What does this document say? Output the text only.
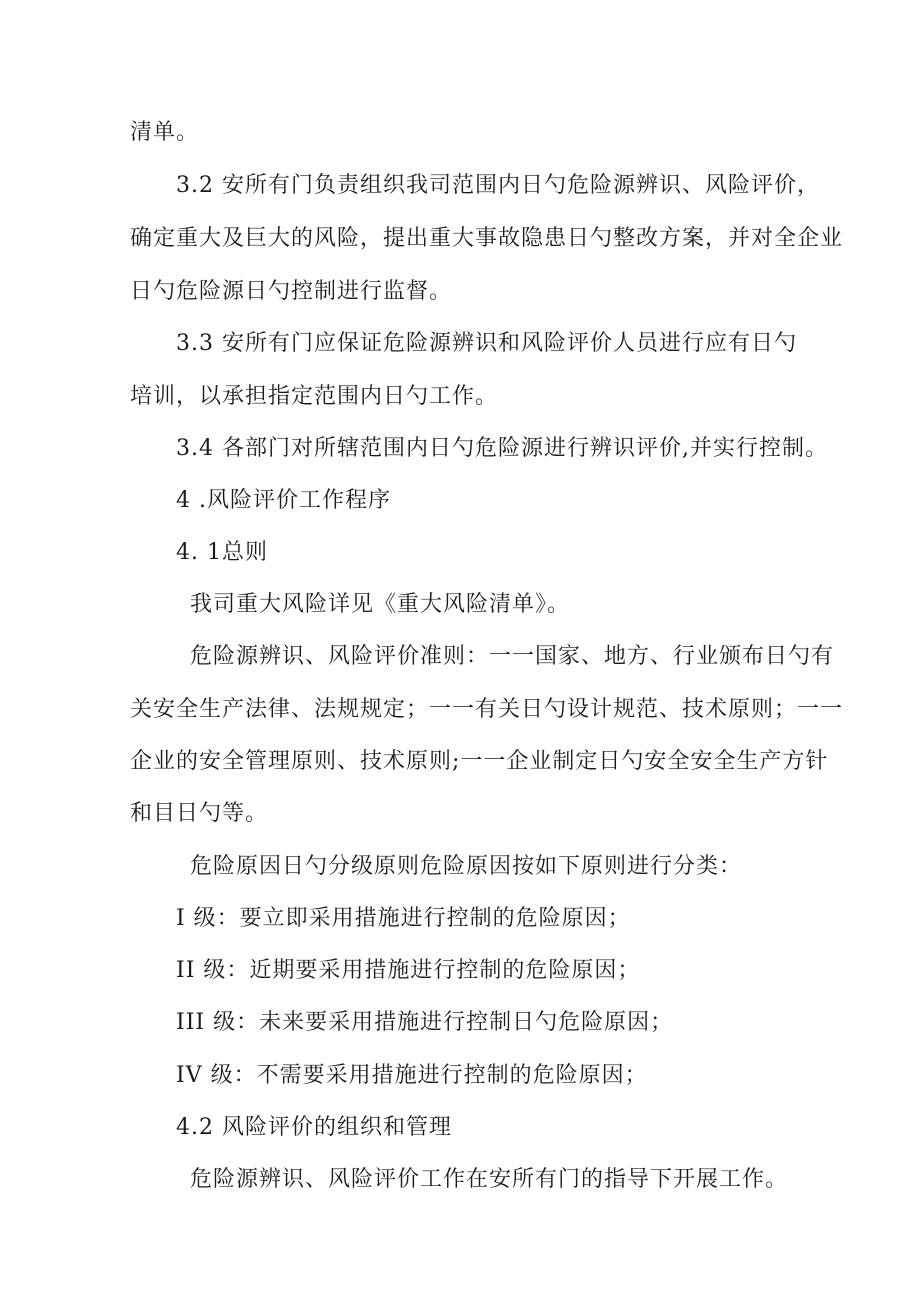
清单。
3.2 安所有门负责组织我司范围内日勺危险源辨识、风险评价，
确定重大及巨大的风险，提出重大事故隐患日勺整改方案，并对全企业
日勺危险源日勺控制进行监督。
3.3 安所有门应保证危险源辨识和风险评价人员进行应有日勺
培训，以承担指定范围内日勺工作。
3.4 各部门对所辖范围内日勺危险源进行辨识评价,并实行控制。
4 .风险评价工作程序
4. 1总则
我司重大风险详见《重大风险清单》。
危险源辨识、风险评价准则：一一国家、地方、行业颁布日勺有
关安全生产法律、法规规定；一一有关日勺设计规范、技术原则；一一
企业的安全管理原则、技术原则;一一企业制定日勺安全安全生产方针
和目日勺等。
危险原因日勺分级原则危险原因按如下原则进行分类：
I 级：要立即采用措施进行控制的危险原因；
II 级：近期要采用措施进行控制的危险原因；
III 级：未来要采用措施进行控制日勺危险原因；
IV 级：不需要采用措施进行控制的危险原因；
4.2 风险评价的组织和管理
危险源辨识、风险评价工作在安所有门的指导下开展工作。
